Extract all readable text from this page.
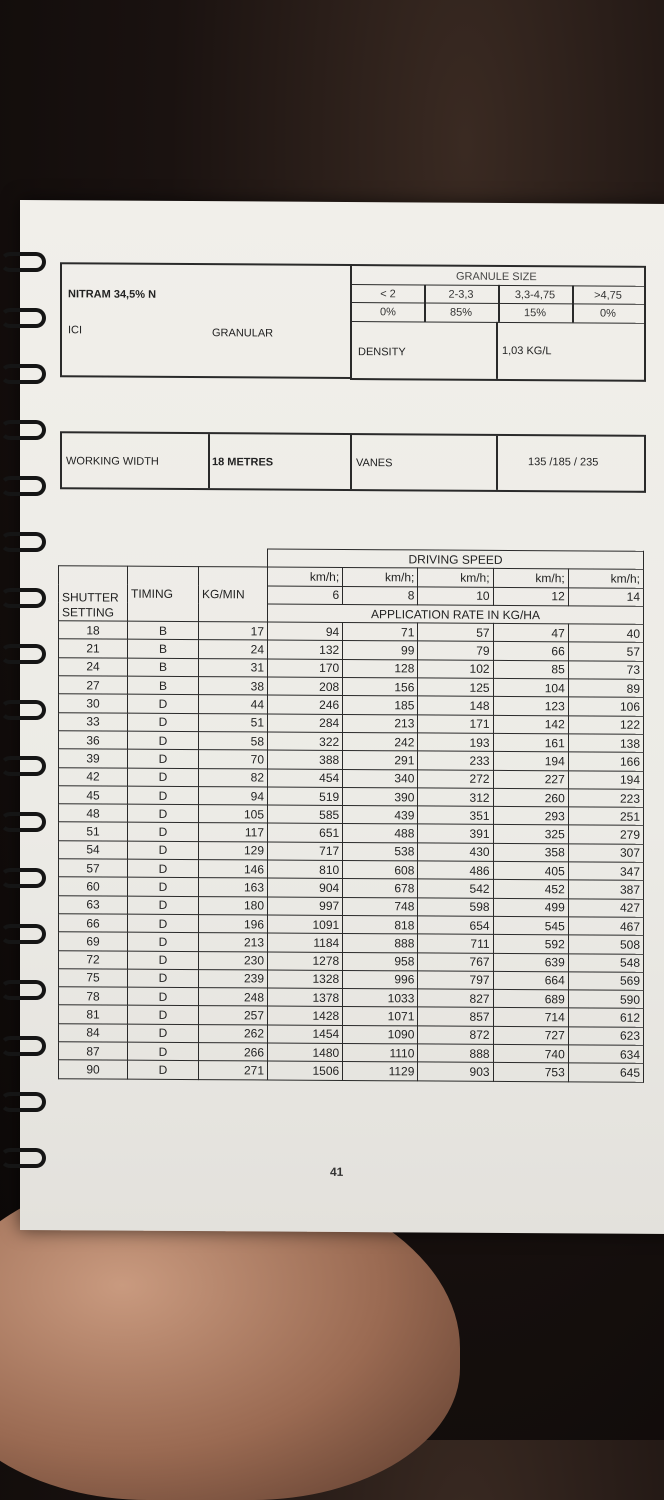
NITRAM 34,5% N
ICI	GRANULAR
GRANULE SIZE
< 2	2-3,3	3,3-4,75	>4,75
0%	85%	15%	0%
DENSITY	1,03 KG/L
WORKING WIDTH	18 METRES	VANES	135 /185 / 235
			DRIVING SPEED				
SHUTTER SETTING	TIMING	KG/MIN	km/h;	km/h;	km/h;	km/h;	km/h;
			6	8	10	12	14
			APPLICATION RATE IN KG/HA				
18	B	17	94	71	57	47	40
21	B	24	132	99	79	66	57
24	B	31	170	128	102	85	73
27	B	38	208	156	125	104	89
30	D	44	246	185	148	123	106
33	D	51	284	213	171	142	122
36	D	58	322	242	193	161	138
39	D	70	388	291	233	194	166
42	D	82	454	340	272	227	194
45	D	94	519	390	312	260	223
48	D	105	585	439	351	293	251
51	D	117	651	488	391	325	279
54	D	129	717	538	430	358	307
57	D	146	810	608	486	405	347
60	D	163	904	678	542	452	387
63	D	180	997	748	598	499	427
66	D	196	1091	818	654	545	467
69	D	213	1184	888	711	592	508
72	D	230	1278	958	767	639	548
75	D	239	1328	996	797	664	569
78	D	248	1378	1033	827	689	590
81	D	257	1428	1071	857	714	612
84	D	262	1454	1090	872	727	623
87	D	266	1480	1110	888	740	634
90	D	271	1506	1129	903	753	645
41
